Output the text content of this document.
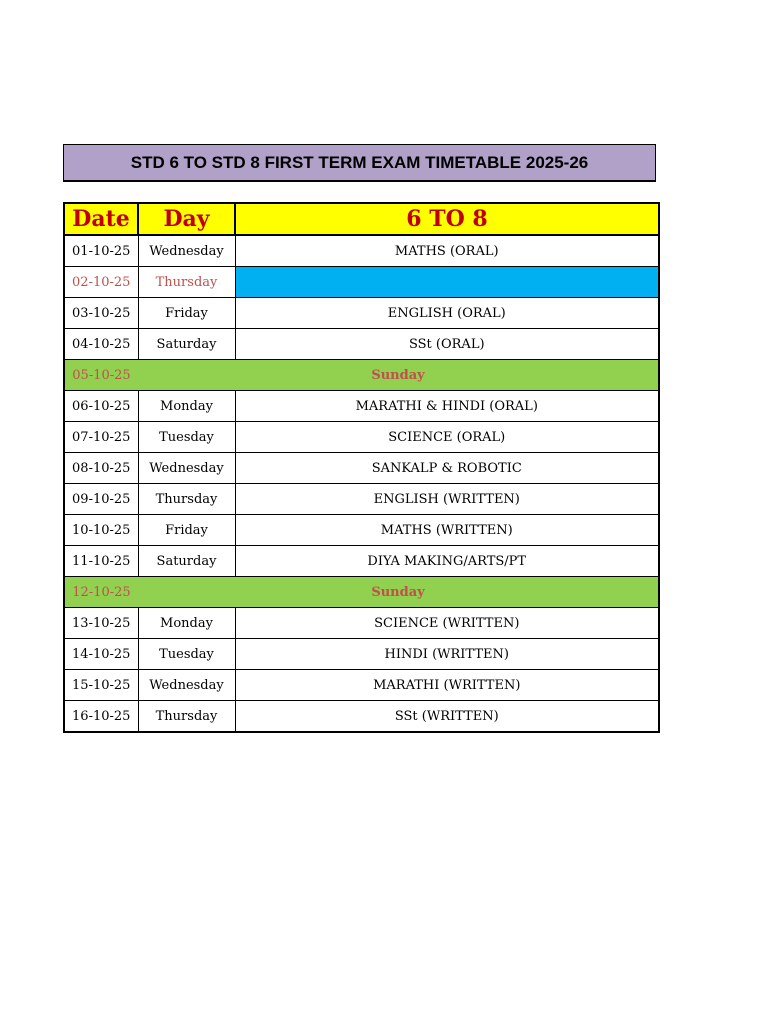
STD 6 TO STD 8 FIRST TERM EXAM TIMETABLE 2025-26
Date	Day	6 TO 8
01-10-25	Wednesday	MATHS (ORAL)
02-10-25	Thursday	
03-10-25	Friday	ENGLISH (ORAL)
04-10-25	Saturday	SSt (ORAL)
05-10-25	Sunday	
06-10-25	Monday	MARATHI & HINDI (ORAL)
07-10-25	Tuesday	SCIENCE (ORAL)
08-10-25	Wednesday	SANKALP & ROBOTIC
09-10-25	Thursday	ENGLISH (WRITTEN)
10-10-25	Friday	MATHS (WRITTEN)
11-10-25	Saturday	DIYA MAKING/ARTS/PT
12-10-25	Sunday	
13-10-25	Monday	SCIENCE (WRITTEN)
14-10-25	Tuesday	HINDI (WRITTEN)
15-10-25	Wednesday	MARATHI (WRITTEN)
16-10-25	Thursday	SSt (WRITTEN)
